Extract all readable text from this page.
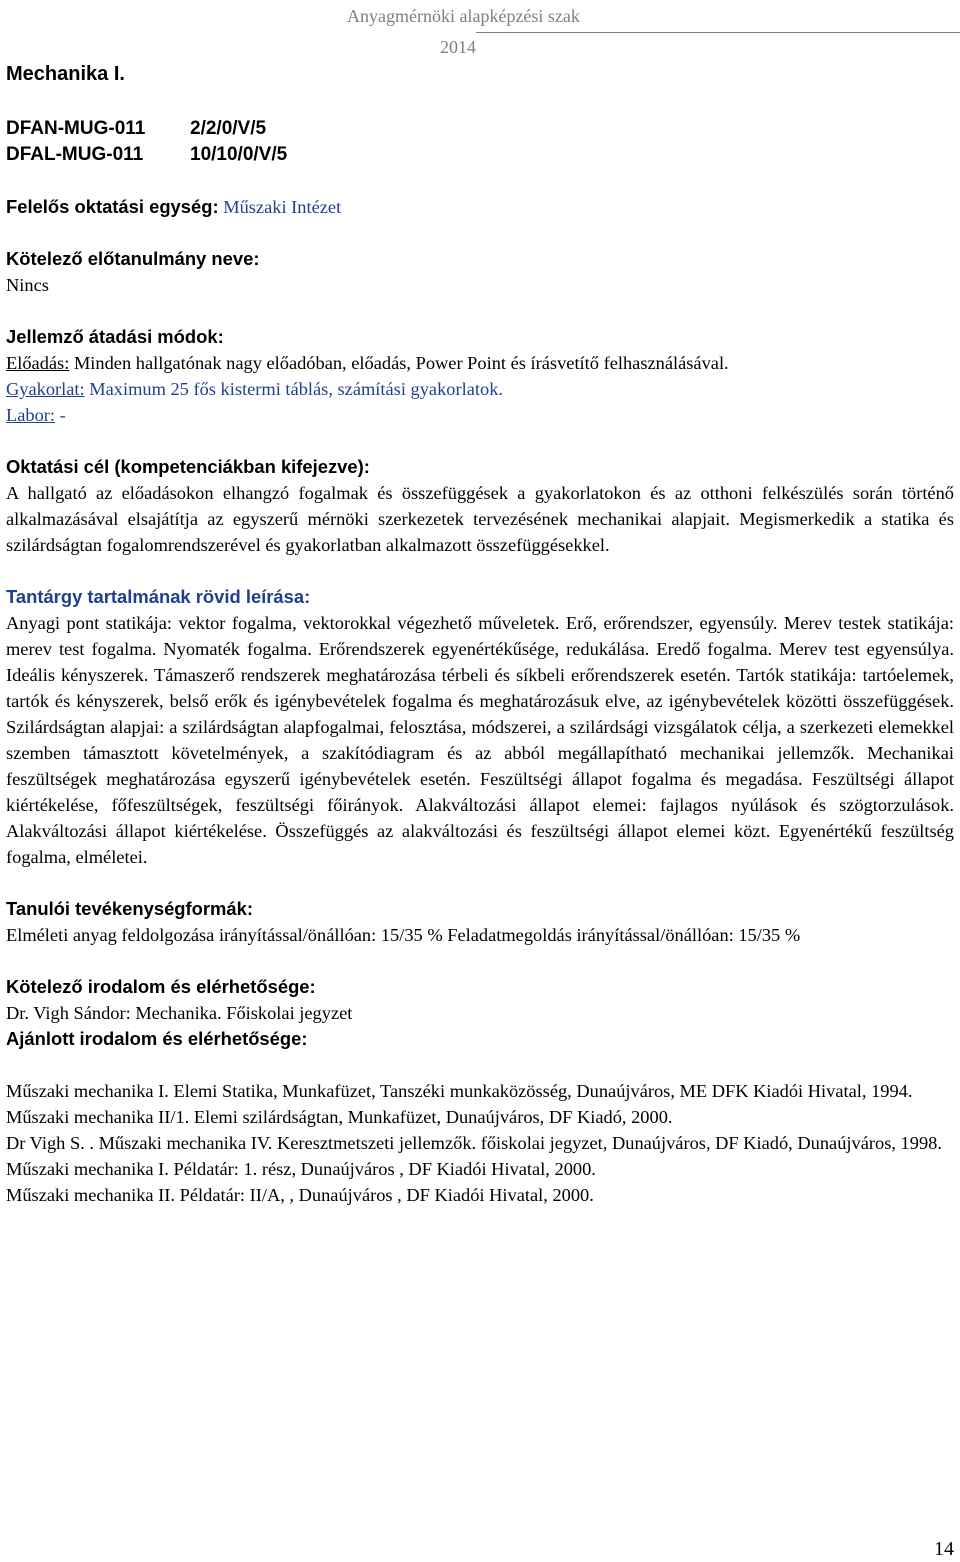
Anyagmérnöki alapképzési szak
2014
Mechanika I.
DFAN-MUG-011 2/2/0/V/5
DFAL-MUG-011 10/10/0/V/5

Felelős oktatási egység: Műszaki Intézet

Kötelező előtanulmány neve:

Nincs

Jellemző átadási módok:

Előadás: Minden hallgatónak nagy előadóban, előadás, Power Point és írásvetítő felhasználásával.

Gyakorlat: Maximum 25 fős kistermi táblás, számítási gyakorlatok.

Labor: -

Oktatási cél (kompetenciákban kifejezve):

A hallgató az előadásokon elhangzó fogalmak és összefüggések a gyakorlatokon és az otthoni felkészülés során történő alkalmazásával elsajátítja az egyszerű mérnöki szerkezetek tervezésének mechanikai alapjait. Megismerkedik a statika és szilárdságtan fogalomrendszerével és gyakorlatban alkalmazott összefüggésekkel.

Tantárgy tartalmának rövid leírása:

Anyagi pont statikája: vektor fogalma, vektorokkal végezhető műveletek. Erő, erőrendszer, egyensúly. Merev testek statikája: merev test fogalma. Nyomaték fogalma. Erőrendszerek egyenértékűsége, redukálása. Eredő fogalma. Merev test egyensúlya. Ideális kényszerek. Támaszerő rendszerek meghatározása térbeli és síkbeli erőrendszerek esetén. Tartók statikája: tartóelemek, tartók és kényszerek, belső erők és igénybevételek fogalma és meghatározásuk elve, az igénybevételek közötti összefüggések. Szilárdságtan alapjai: a szilárdságtan alapfogalmai, felosztása, módszerei, a szilárdsági vizsgálatok célja, a szerkezeti elemekkel szemben támasztott követelmények, a szakítódiagram és az abból megállapítható mechanikai jellemzők. Mechanikai feszültségek meghatározása egyszerű igénybevételek esetén. Feszültségi állapot fogalma és megadása. Feszültségi állapot kiértékelése, főfeszültségek, feszültségi főirányok. Alakváltozási állapot elemei: fajlagos nyúlások és szögtorzulások. Alakváltozási állapot kiértékelése. Összefüggés az alakváltozási és feszültségi állapot elemei közt. Egyenértékű feszültség fogalma, elméletei.

Tanulói tevékenységformák:

Elméleti anyag feldolgozása irányítással/önállóan: 15/35 % Feladatmegoldás irányítással/önállóan: 15/35 %

Kötelező irodalom és elérhetősége:

Dr. Vigh Sándor: Mechanika. Főiskolai jegyzet

Ajánlott irodalom és elérhetősége:

Műszaki mechanika I. Elemi Statika, Munkafüzet, Tanszéki munkaközösség, Dunaújváros, ME DFK Kiadói Hivatal, 1994.

Műszaki mechanika II/1. Elemi szilárdságtan, Munkafüzet, Dunaújváros, DF Kiadó, 2000.

Dr Vigh S. . Műszaki mechanika IV. Keresztmetszeti jellemzők. főiskolai jegyzet, Dunaújváros, DF Kiadó, Dunaújváros, 1998.

Műszaki mechanika I. Példatár: 1. rész, Dunaújváros , DF Kiadói Hivatal, 2000.

Műszaki mechanika II. Példatár: II/A, , Dunaújváros , DF Kiadói Hivatal, 2000.

14
